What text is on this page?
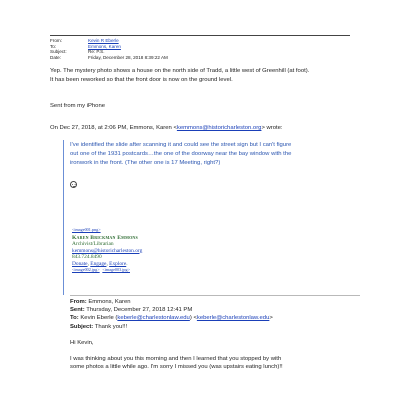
From:	Kevin R Eberle
To:	Emmons, Karen
Subject:	Re: P.S.
Date:	Friday, December 28, 2018 8:39:22 AM
Yep. The mystery photo shows a house on the north side of Tradd, a little west of Greenhill (at foot).
It has been reworked so that the front door is now on the ground level.
Sent from my iPhone
On Dec 27, 2018, at 2:06 PM, Emmons, Karen <kemmons@historicharleston.org> wrote:
I've identified the slide after scanning it and could see the street sign but I can't figure
out one of the 1931 postcards…the one of the doorway near the bay window with the
ironwork in the front. (The other one is 17 Meeting, right?)
<image001.png>
Karen Brickman Emmons
Archivist/Librarian
kemmons@historicharleston.org
843.724.8490
Donate, Engage, Explore.
<image002.jpg> <image003.jpg>
From: Emmons, Karen
Sent: Thursday, December 27, 2018 12:41 PM
To: Kevin Eberle (keberle@charlestonlaw.edu) <keberle@charlestonlaw.edu>
Subject: Thank you!!!
Hi Kevin,
I was thinking about you this morning and then I learned that you stopped by with
some photos a little while ago. I'm sorry I missed you (was upstairs eating lunch)!!
